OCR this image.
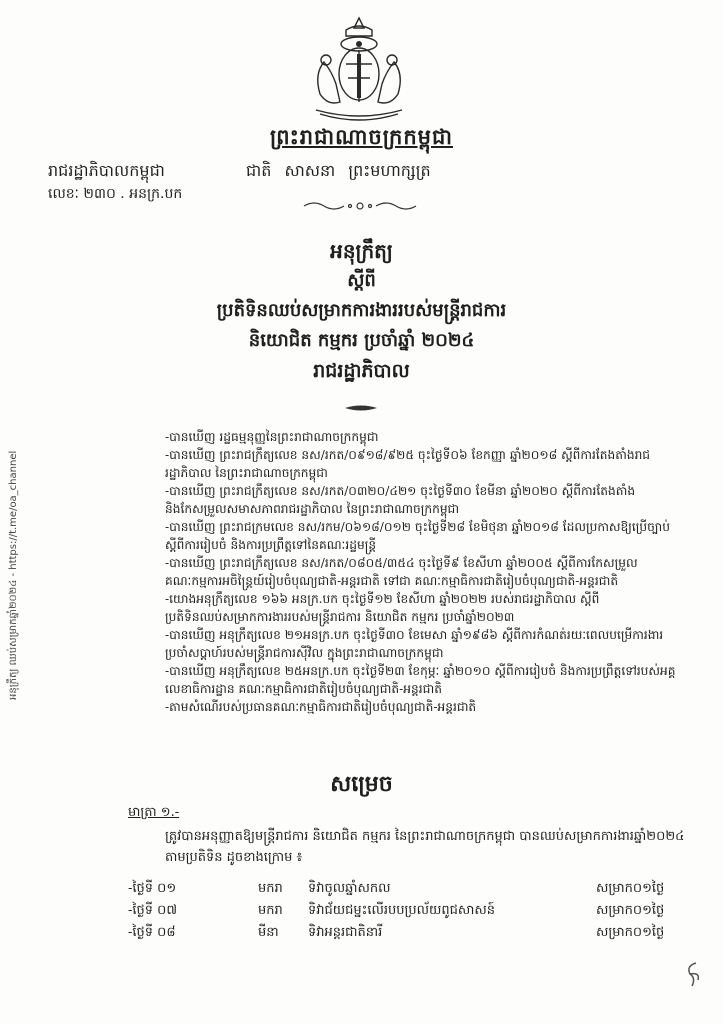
ព្រះរាជាណាចក្រកម្ពុជា
រាជរដ្ឋាភិបាលកម្ពុជា
លេខៈ ២៣០ . អនក្រ.បក
ជាតិ សាសនា ព្រះមហាក្សត្រ
អនុក្រឹត្យ
ស្តីពី
ប្រតិទិនឈប់សម្រាកការងាររបស់មន្ត្រីរាជការ
និយោជិត កម្មករ ប្រចាំឆ្នាំ ២០២៤
រាជរដ្ឋាភិបាល
អនុក្រឹត្យ ឈប់សម្រាកឆ្នាំ២០២៤ - https://t.me/oa_channel

-បានឃើញ រដ្ឋធម្មនុញ្ញនៃព្រះរាជាណាចក្រកម្ពុជា

-បានឃើញ ព្រះរាជក្រឹត្យលេខ នស/រកត/០៩១៨/៩២៥ ចុះថ្ងៃទី០៦ ខែកញ្ញា ឆ្នាំ២០១៨ ស្តីពីការតែងតាំងរាជរដ្ឋាភិបាល នៃព្រះរាជាណាចក្រកម្ពុជា

-បានឃើញ ព្រះរាជក្រឹត្យលេខ នស/រកត/០៣២០/៤២១ ចុះថ្ងៃទី៣០ ខែមីនា ឆ្នាំ២០២០ ស្តីពីការតែងតាំង និងកែសម្រួលសមាសភាពរាជរដ្ឋាភិបាល នៃព្រះរាជាណាចក្រកម្ពុជា

-បានឃើញ ព្រះរាជក្រមលេខ នស/រកម/០៦១៨/០១២ ចុះថ្ងៃទី២៨ ខែមិថុនា ឆ្នាំ២០១៨ ដែលប្រកាសឱ្យប្រើច្បាប់ស្តីពីការរៀបចំ និងការប្រព្រឹត្តទៅនៃគណៈរដ្ឋមន្ត្រី

-បានឃើញ ព្រះរាជក្រឹត្យលេខ នស/រកត/០៨០៥/៣៥៤ ចុះថ្ងៃទី៩ ខែសីហា ឆ្នាំ២០០៥ ស្តីពីការកែសម្រួលគណៈកម្មការអចិន្ត្រៃយ៍រៀបចំបុណ្យជាតិ-អន្តរជាតិ ទៅជា គណៈកម្មាធិការជាតិរៀបចំបុណ្យជាតិ-អន្តរជាតិ

-យោងអនុក្រឹត្យលេខ ១៦៦ អនក្រ.បក ចុះថ្ងៃទី១២ ខែសីហា ឆ្នាំ២០២២ របស់រាជរដ្ឋាភិបាល ស្តីពីប្រតិទិនឈប់សម្រាកការងាររបស់មន្ត្រីរាជការ និយោជិត កម្មករ ប្រចាំឆ្នាំ២០២៣

-បានឃើញ អនុក្រឹត្យលេខ ២១អនក្រ.បក ចុះថ្ងៃទី៣០ ខែមេសា ឆ្នាំ១៩៨៦ ស្តីពីការកំណត់រយៈពេលបម្រើការងារប្រចាំសប្តាហ៍របស់មន្ត្រីរាជការស៊ីវិល ក្នុងព្រះរាជាណាចក្រកម្ពុជា

-បានឃើញ អនុក្រឹត្យលេខ ២៥អនក្រ.បក ចុះថ្ងៃទី២៣ ខែកុម្ភៈ ឆ្នាំ២០១០ ស្តីពីការរៀបចំ និងការប្រព្រឹត្តទៅរបស់អគ្គលេខាធិការដ្ឋាន គណៈកម្មាធិការជាតិរៀបចំបុណ្យជាតិ-អន្តរជាតិ

-តាមសំណើរបស់ប្រធានគណៈកម្មាធិការជាតិរៀបចំបុណ្យជាតិ-អន្តរជាតិ

សម្រេច
មាត្រា ១.-
ត្រូវបានអនុញ្ញាតឱ្យមន្ត្រីរាជការ និយោជិត កម្មករ នៃព្រះរាជាណាចក្រកម្ពុជា បានឈប់សម្រាកការងារឆ្នាំ២០២៤ តាមប្រតិទិន ដូចខាងក្រោម ៖
-ថ្ងៃទី ០១	មករា ទិវាចូលឆ្នាំសកល	សម្រាក០១ថ្ងៃ
-ថ្ងៃទី ០៧	មករា ទិវាជ័យជម្នះលើរបបប្រល័យពូជសាសន៍	សម្រាក០១ថ្ងៃ
-ថ្ងៃទី ០៨	មីនា ទិវាអន្តរជាតិនារី	សម្រាក០១ថ្ងៃ
